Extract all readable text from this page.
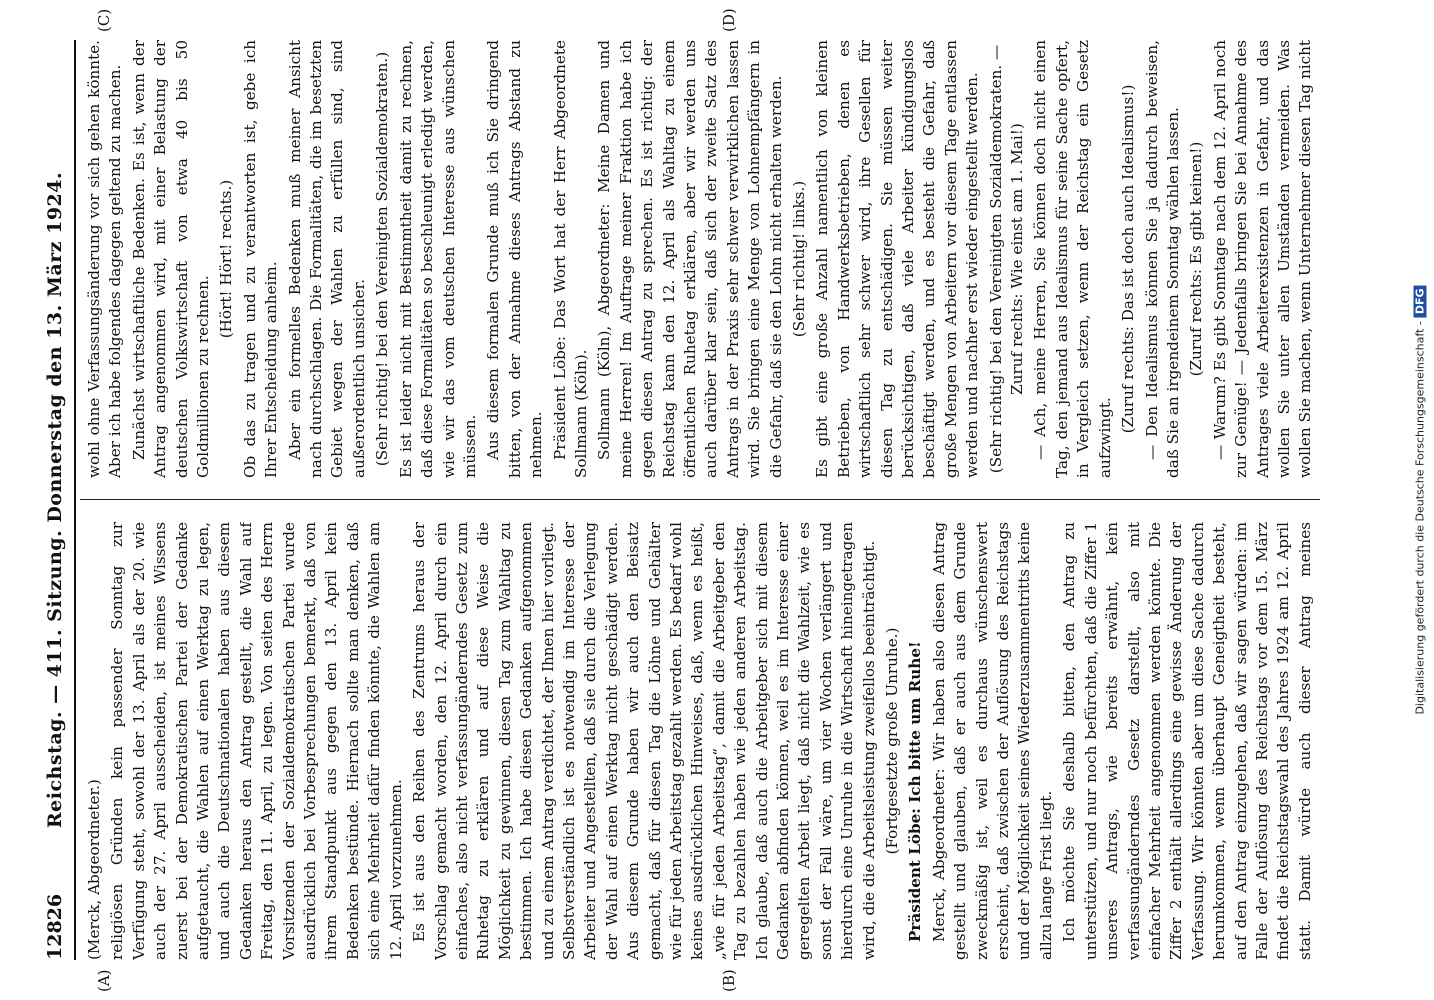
12826
Reichstag. — 411. Sitzung. Donnerstag den 13. März 1924.
(A)	(B)
(C)	(D)

(Merck, Abgeordneter.) religiösen Gründen kein passender Sonntag zur Verfügung steht, sowohl der 13. April als der 20. wie auch der 27. April ausscheiden, ist meines Wissens zuerst bei der Demokratischen Partei der Gedanke aufgetaucht, die Wahlen auf einen Werktag zu legen, und auch die Deutschnationalen haben aus diesem Gedanken heraus den Antrag gestellt, die Wahl auf Freitag, den 11. April, zu legen. Von seiten des Herrn Vorsitzenden der Sozialdemokratischen Partei wurde ausdrücklich bei Vorbesprechungen bemerkt, daß von ihrem Standpunkt aus gegen den 13. April kein Bedenken bestünde. Hiernach sollte man denken, daß sich eine Mehrheit dafür finden könnte, die Wahlen am 12. April vorzunehmen. Es ist aus den Reihen des Zentrums heraus der Vorschlag gemacht worden, den 12. April durch ein einfaches, also nicht verfassungänderndes Gesetz zum Ruhetag zu erklären und auf diese Weise die Möglichkeit zu gewinnen, diesen Tag zum Wahltag zu bestimmen. Ich habe diesen Gedanken aufgenommen und zu einem Antrag verdichtet, der Ihnen hier vorliegt. Selbstverständlich ist es notwendig im Interesse der Arbeiter und Angestellten, daß sie durch die Verlegung der Wahl auf einen Werktag nicht geschädigt werden. Aus diesem Grunde haben wir auch den Beisatz gemacht, daß für diesen Tag die Löhne und Gehälter wie für jeden Arbeitstag gezahlt werden. Es bedarf wohl keines ausdrücklichen Hinweises, daß, wenn es heißt, „wie für jeden Arbeitstag“, damit die Arbeitgeber den Tag zu bezahlen haben wie jeden anderen Arbeitstag. Ich glaube, daß auch die Arbeitgeber sich mit diesem Gedanken abfinden können, weil es im Interesse einer geregelten Arbeit liegt, daß nicht die Wahlzeit, wie es sonst der Fall wäre, um vier Wochen verlängert und hierdurch eine Unruhe in die Wirtschaft hineingetragen wird, die die Arbeitsleistung zweifellos beeinträchtigt. (Fortgesetzte große Unruhe.) Präsident Löbe: Ich bitte um Ruhe! Merck, Abgeordneter: Wir haben also diesen Antrag gestellt und glauben, daß er auch aus dem Grunde zweckmäßig ist, weil es durchaus wünschenswert erscheint, daß zwischen der Auflösung des Reichstags und der Möglichkeit seines Wiederzusammentritts keine allzu lange Frist liegt. Ich möchte Sie deshalb bitten, den Antrag zu unterstützen, und nur noch befürchten, daß die Ziffer 1 unseres Antrags, wie bereits erwähnt, kein verfassungänderndes Gesetz darstellt, also mit einfacher Mehrheit angenommen werden könnte. Die Ziffer 2 enthält allerdings eine gewisse Änderung der Verfassung. Wir könnten aber um diese Sache dadurch herumkommen, wenn überhaupt Geneigtheit besteht, auf den Antrag einzugehen, daß wir sagen würden: im Falle der Auflösung des Reichstags vor dem 15. März findet die Reichstagswahl des Jahres 1924 am 12. April statt. Damit würde auch dieser Antrag meines

wohl ohne Verfassungsänderung vor sich gehen könnte. Aber ich habe folgendes dagegen geltend zu machen. Zunächst wirtschaftliche Bedenken. Es ist, wenn der Antrag angenommen wird, mit einer Belastung der deutschen Volkswirtschaft von etwa 40 bis 50 Goldmillionen zu rechnen.

(Hört! Hört! rechts.) Ob das zu tragen und zu verantworten ist, gebe ich Ihrer Entscheidung anheim. Aber ein formelles Bedenken muß meiner Ansicht nach durchschlagen. Die Formalitäten, die im besetzten Gebiet wegen der Wahlen zu erfüllen sind, sind außerordentlich unsicher. (Sehr richtig! bei den Vereinigten Sozialdemokraten.) Es ist leider nicht mit Bestimmtheit damit zu rechnen, daß diese Formalitäten so beschleunigt erledigt werden, wie wir das vom deutschen Interesse aus wünschen müssen. Aus diesem formalen Grunde muß ich Sie dringend bitten, von der Annahme dieses Antrags Abstand zu nehmen. Präsident Löbe: Das Wort hat der Herr Abgeordnete Sollmann (Köln). Sollmann (Köln), Abgeordneter: Meine Damen und meine Herren! Im Auftrage meiner Fraktion habe ich gegen diesen Antrag zu sprechen. Es ist richtig: der Reichstag kann den 12. April als Wahltag zu einem öffentlichen Ruhetag erklären, aber wir werden uns auch darüber klar sein, daß sich der zweite Satz des Antrags in der Praxis sehr schwer verwirklichen lassen wird. Sie bringen eine Menge von Lohnempfängern in die Gefahr, daß sie den Lohn nicht erhalten werden. (Sehr richtig! links.) Es gibt eine große Anzahl namentlich von kleinen Betrieben, von Handwerksbetrieben, denen es wirtschaftlich sehr schwer wird, ihre Gesellen für diesen Tag zu entschädigen. Sie müssen weiter berücksichtigen, daß viele Arbeiter kündigungslos beschäftigt werden, und es besteht die Gefahr, daß große Mengen von Arbeitern vor diesem Tage entlassen werden und nachher erst wieder eingestellt werden. (Sehr richtig! bei den Vereinigten Sozialdemokraten. — Zuruf rechts: Wie einst am 1. Mai!) — Ach, meine Herren, Sie können doch nicht einen Tag, den jemand aus Idealismus für seine Sache opfert, in Vergleich setzen, wenn der Reichstag ein Gesetz aufzwingt.

(Zuruf rechts: Das ist doch auch Idealismus!) — Den Idealismus können Sie ja dadurch beweisen, daß Sie an irgendeinem Sonntag wählen lassen. (Zuruf rechts: Es gibt keinen!)

— Warum? Es gibt Sonntage nach dem 12. April noch zur Genüge! — Jedenfalls bringen Sie bei Annahme des Antrages viele Arbeiterexistenzen in Gefahr, und das wollen Sie unter allen Umständen vermeiden. Was wollen Sie machen, wenn Unternehmer diesen Tag nicht

Digitalisierung gefördert durch die Deutsche Forschungsgemeinschaft -DFG
